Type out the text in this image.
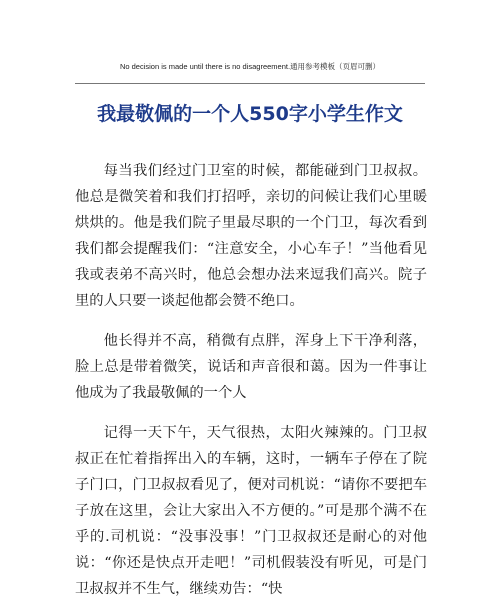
No decision is made until there is no disagreement.通用参考模板（页眉可删）
我最敬佩的一个人550字小学生作文

每当我们经过门卫室的时候，都能碰到门卫叔叔。他总是微笑着和我们打招呼，亲切的问候让我们心里暖烘烘的。他是我们院子里最尽职的一个门卫，每次看到我们都会提醒我们：“注意安全，小心车子！”当他看见我或表弟不高兴时，他总会想办法来逗我们高兴。院子里的人只要一谈起他都会赞不绝口。

他长得并不高，稍微有点胖，浑身上下干净利落，脸上总是带着微笑，说话和声音很和蔼。因为一件事让他成为了我最敬佩的一个人

记得一天下午，天气很热，太阳火辣辣的。门卫叔叔正在忙着指挥出入的车辆，这时，一辆车子停在了院子门口，门卫叔叔看见了，便对司机说：“请你不要把车子放在这里，会让大家出入不方便的。”可是那个满不在乎的.司机说：“没事没事！”门卫叔叔还是耐心的对他说：“你还是快点开走吧！”司机假装没有听见，可是门卫叔叔并不生气，继续劝告：“快
